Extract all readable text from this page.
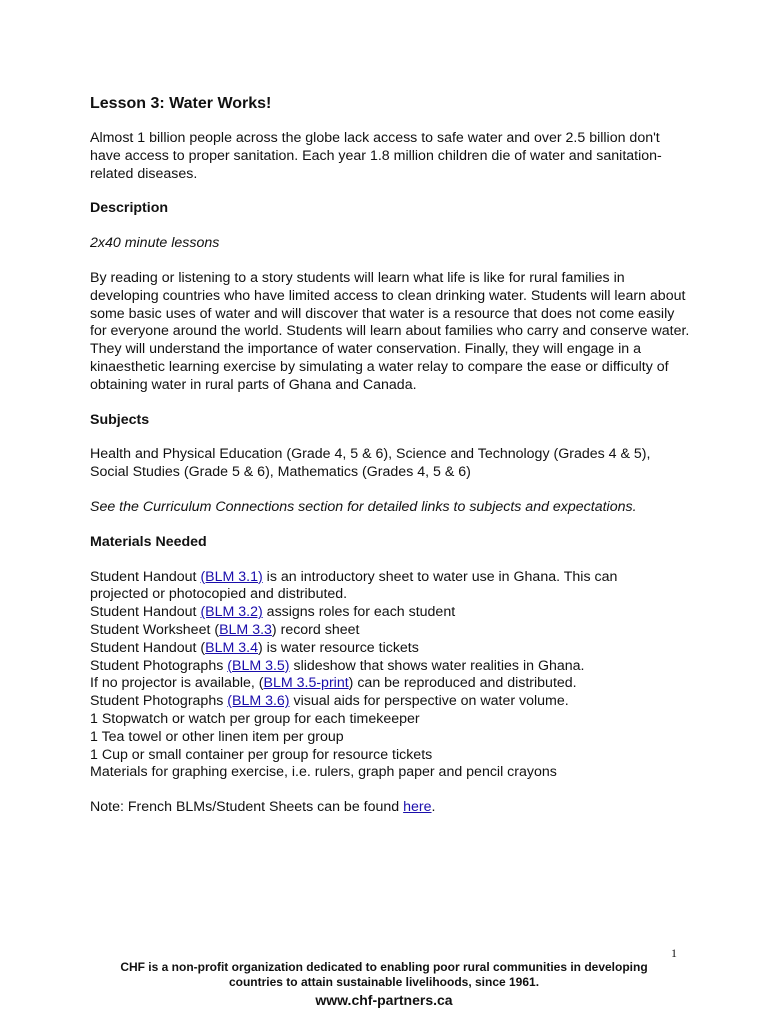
Lesson 3: Water Works!
Almost 1 billion people across the globe lack access to safe water and over 2.5 billion don't have access to proper sanitation. Each year 1.8 million children die of water and sanitation-related diseases.
Description
2x40 minute lessons
By reading or listening to a story students will learn what life is like for rural families in developing countries who have limited access to clean drinking water. Students will learn about some basic uses of water and will discover that water is a resource that does not come easily for everyone around the world. Students will learn about families who carry and conserve water. They will understand the importance of water conservation. Finally, they will engage in a kinaesthetic learning exercise by simulating a water relay to compare the ease or difficulty of obtaining water in rural parts of Ghana and Canada.
Subjects
Health and Physical Education (Grade 4, 5 & 6), Science and Technology (Grades 4 & 5), Social Studies (Grade 5 & 6), Mathematics (Grades 4, 5 & 6)
See the Curriculum Connections section for detailed links to subjects and expectations.
Materials Needed
Student Handout (BLM 3.1) is an introductory sheet to water use in Ghana. This can
projected or photocopied and distributed.
Student Handout (BLM 3.2) assigns roles for each student
Student Worksheet (BLM 3.3) record sheet
Student Handout (BLM 3.4) is water resource tickets
Student Photographs (BLM 3.5) slideshow that shows water realities in Ghana.
If no projector is available, (BLM 3.5-print) can be reproduced and distributed.
Student Photographs (BLM 3.6) visual aids for perspective on water volume.
1 Stopwatch or watch per group for each timekeeper
1 Tea towel or other linen item per group
1 Cup or small container per group for resource tickets
Materials for graphing exercise, i.e. rulers, graph paper and pencil crayons
Note: French BLMs/Student Sheets can be found here.
1
CHF is a non-profit organization dedicated to enabling poor rural communities in developing
countries to attain sustainable livelihoods, since 1961.
www.chf-partners.ca
